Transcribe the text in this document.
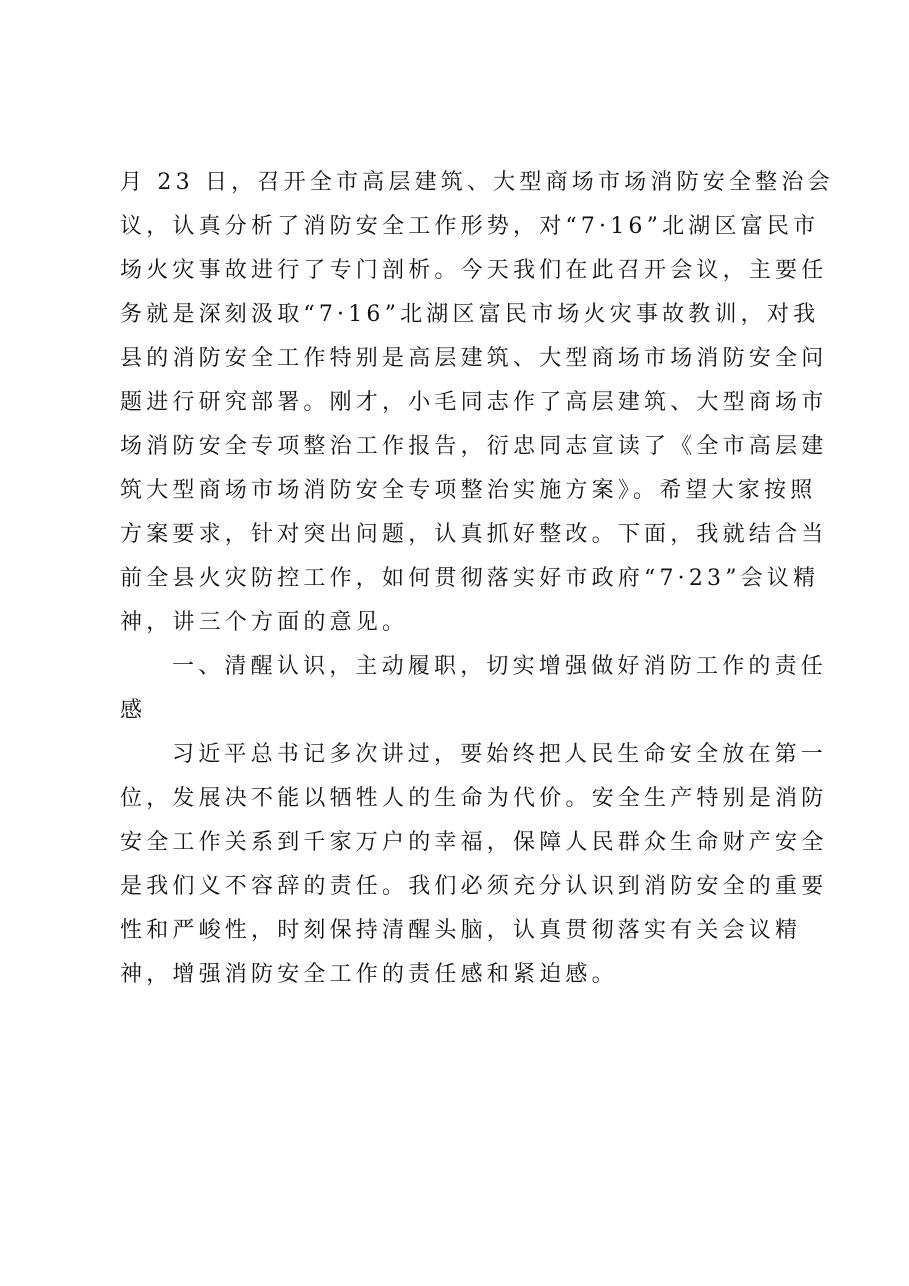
月 23 日，召开全市高层建筑、大型商场市场消防安全整治会
议，认真分析了消防安全工作形势，对“7·16”北湖区富民市
场火灾事故进行了专门剖析。今天我们在此召开会议，主要任
务就是深刻汲取“7·16”北湖区富民市场火灾事故教训，对我
县的消防安全工作特别是高层建筑、大型商场市场消防安全问
题进行研究部署。刚才，小毛同志作了高层建筑、大型商场市
场消防安全专项整治工作报告，衍忠同志宣读了《全市高层建
筑大型商场市场消防安全专项整治实施方案》。希望大家按照
方案要求，针对突出问题，认真抓好整改。下面，我就结合当
前全县火灾防控工作，如何贯彻落实好市政府“7·23”会议精
神，讲三个方面的意见。
一、清醒认识，主动履职，切实增强做好消防工作的责任
感
习近平总书记多次讲过，要始终把人民生命安全放在第一
位，发展决不能以牺牲人的生命为代价。安全生产特别是消防
安全工作关系到千家万户的幸福，保障人民群众生命财产安全
是我们义不容辞的责任。我们必须充分认识到消防安全的重要
性和严峻性，时刻保持清醒头脑，认真贯彻落实有关会议精
神，增强消防安全工作的责任感和紧迫感。
